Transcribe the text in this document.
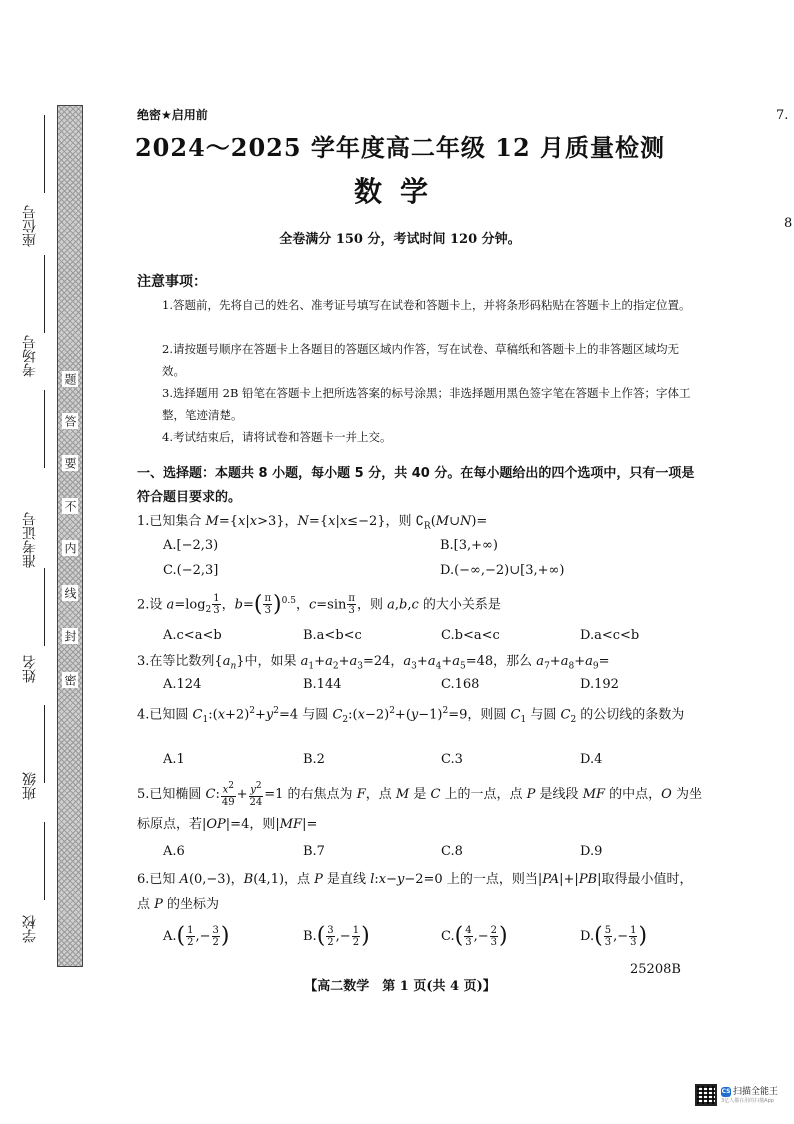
座位号
考场号
准考证号
姓名
班级
学校
密
封
线
内
不
要
答
题
绝密★启用前
2024～2025 学年度高二年级 12 月质量检测
数学
全卷满分 150 分，考试时间 120 分钟。
注意事项：
1.答题前，先将自己的姓名、准考证号填写在试卷和答题卡上，并将条形码粘贴在答题卡上的指定位置。
2.请按题号顺序在答题卡上各题目的答题区域内作答，写在试卷、草稿纸和答题卡上的非答题区域均无效。
3.选择题用 2B 铅笔在答题卡上把所选答案的标号涂黑；非选择题用黑色签字笔在答题卡上作答；字体工整，笔迹清楚。
4.考试结束后，请将试卷和答题卡一并上交。
一、选择题：本题共 8 小题，每小题 5 分，共 40 分。在每小题给出的四个选项中，只有一项是符合题目要求的。
1.已知集合 M={x|x>3}，N={x|x≤−2}，则 $∁_R(M\cup N)=$
A.[−2,3)	B.[3,+∞)
C.(−2,3]	D.(−∞,−2)∪[3,+∞)
2.设 $a=\log_2 \frac{1}{3}$ ，$b=( \frac{\pi}{3} )^{0.5}$，$c=\sin \frac{\pi}{3}$ ，则 a,b,c 的大小关系是
A.c<a<b	B.a<b<c	C.b<a<c	D.a<c<b
3.在等比数列$\{a_n\}$中，如果 $a_1+a_2+a_3=24$，$a_3+a_4+a_5=48$，那么 $a_7+a_8+a_9=$
A.124	B.144	C.168	D.192
4.已知圆 $C_1:(x+2)^2+y^2=4$ 与圆 $C_2:(x-2)^2+(y-1)^2=9$，则圆 $C_1$ 与圆 $C_2$ 的公切线的条数为
A.1	B.2	C.3	D.4
5.已知椭圆 C: $\frac{x^2}{49} + \frac{y^2}{24} =1$ 的右焦点为 F，点 M 是 C 上的一点，点 P 是线段 MF 的中点，O 为坐标原点，若|OP|=4，则|MF|=
A.6	B.7	C.8	D.9
6.已知 A(0,−3)，B(4,1)，点 P 是直线 l:x−y−2=0 上的一点，则当|PA|+|PB|取得最小值时，点 P 的坐标为
$A.( \frac{1}{2}$ ,− $\frac{3}{2}$ )	$B.( \frac{3}{2}$ ,− $\frac{1}{2}$ )	$C.( \frac{4}{3}$ ,− $\frac{2}{3}$ )	$D.( \frac{5}{3}$ ,− $\frac{1}{3}$ )
【高二数学　第 1 页(共 4 页)】
25208B
7.
8
CS 扫描全能王
3亿人都在用的扫描App
